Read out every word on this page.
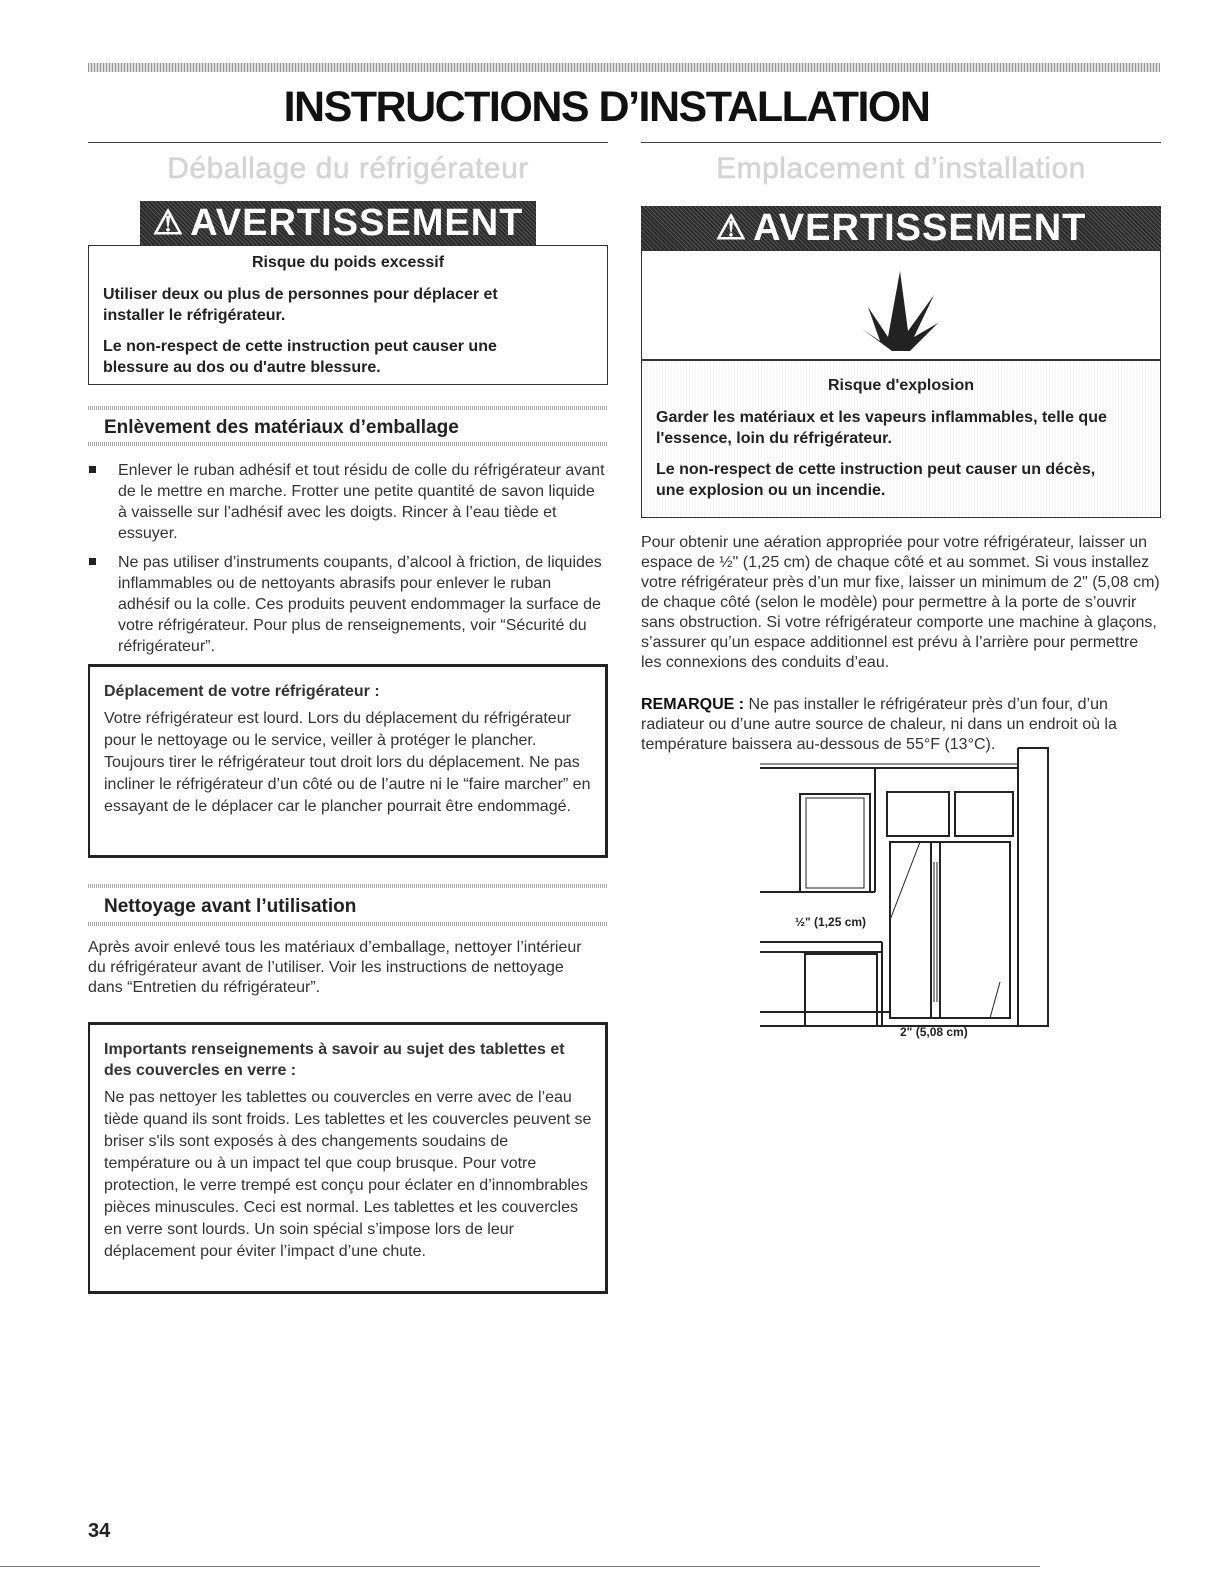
INSTRUCTIONS D’INSTALLATION
Déballage du réfrigérateur
⚠ AVERTISSEMENT
Risque du poids excessif

Utiliser deux ou plus de personnes pour déplacer et installer le réfrigérateur.

Le non-respect de cette instruction peut causer une blessure au dos ou d'autre blessure.

Enlèvement des matériaux d’emballage
Enlever le ruban adhésif et tout résidu de colle du réfrigérateur avant de le mettre en marche. Frotter une petite quantité de savon liquide à vaisselle sur l’adhésif avec les doigts. Rincer à l’eau tiède et essuyer.
Ne pas utiliser d’instruments coupants, d’alcool à friction, de liquides inflammables ou de nettoyants abrasifs pour enlever le ruban adhésif ou la colle. Ces produits peuvent endommager la surface de votre réfrigérateur. Pour plus de renseignements, voir “Sécurité du réfrigérateur”.

Déplacement de votre réfrigérateur :

Votre réfrigérateur est lourd. Lors du déplacement du réfrigérateur pour le nettoyage ou le service, veiller à protéger le plancher. Toujours tirer le réfrigérateur tout droit lors du déplacement. Ne pas incliner le réfrigérateur d’un côté ou de l’autre ni le “faire marcher” en essayant de le déplacer car le plancher pourrait être endommagé.

Nettoyage avant l’utilisation

Après avoir enlevé tous les matériaux d’emballage, nettoyer l’intérieur du réfrigérateur avant de l’utiliser. Voir les instructions de nettoyage dans “Entretien du réfrigérateur”.

Importants renseignements à savoir au sujet des tablettes et des couvercles en verre :

Ne pas nettoyer les tablettes ou couvercles en verre avec de l’eau tiède quand ils sont froids. Les tablettes et les couvercles peuvent se briser s'ils sont exposés à des changements soudains de température ou à un impact tel que coup brusque. Pour votre protection, le verre trempé est conçu pour éclater en d’innombrables pièces minuscules. Ceci est normal. Les tablettes et les couvercles en verre sont lourds. Un soin spécial s’impose lors de leur déplacement pour éviter l’impact d’une chute.

Emplacement d’installation
⚠ AVERTISSEMENT
Risque d'explosion

Garder les matériaux et les vapeurs inflammables, telle que l'essence, loin du réfrigérateur.

Le non-respect de cette instruction peut causer un décès, une explosion ou un incendie.

Pour obtenir une aération appropriée pour votre réfrigérateur, laisser un espace de ½" (1,25 cm) de chaque côté et au sommet. Si vous installez votre réfrigérateur près d’un mur fixe, laisser un minimum de 2" (5,08 cm) de chaque côté (selon le modèle) pour permettre à la porte de s’ouvrir sans obstruction. Si votre réfrigérateur comporte une machine à glaçons, s’assurer qu’un espace additionnel est prévu à l’arrière pour permettre les connexions des conduits d’eau.

REMARQUE : Ne pas installer le réfrigérateur près d’un four, d’un radiateur ou d’une autre source de chaleur, ni dans un endroit où la température baissera au-dessous de 55°F (13°C).

½" (1,25 cm)
2" (5,08 cm)
34
